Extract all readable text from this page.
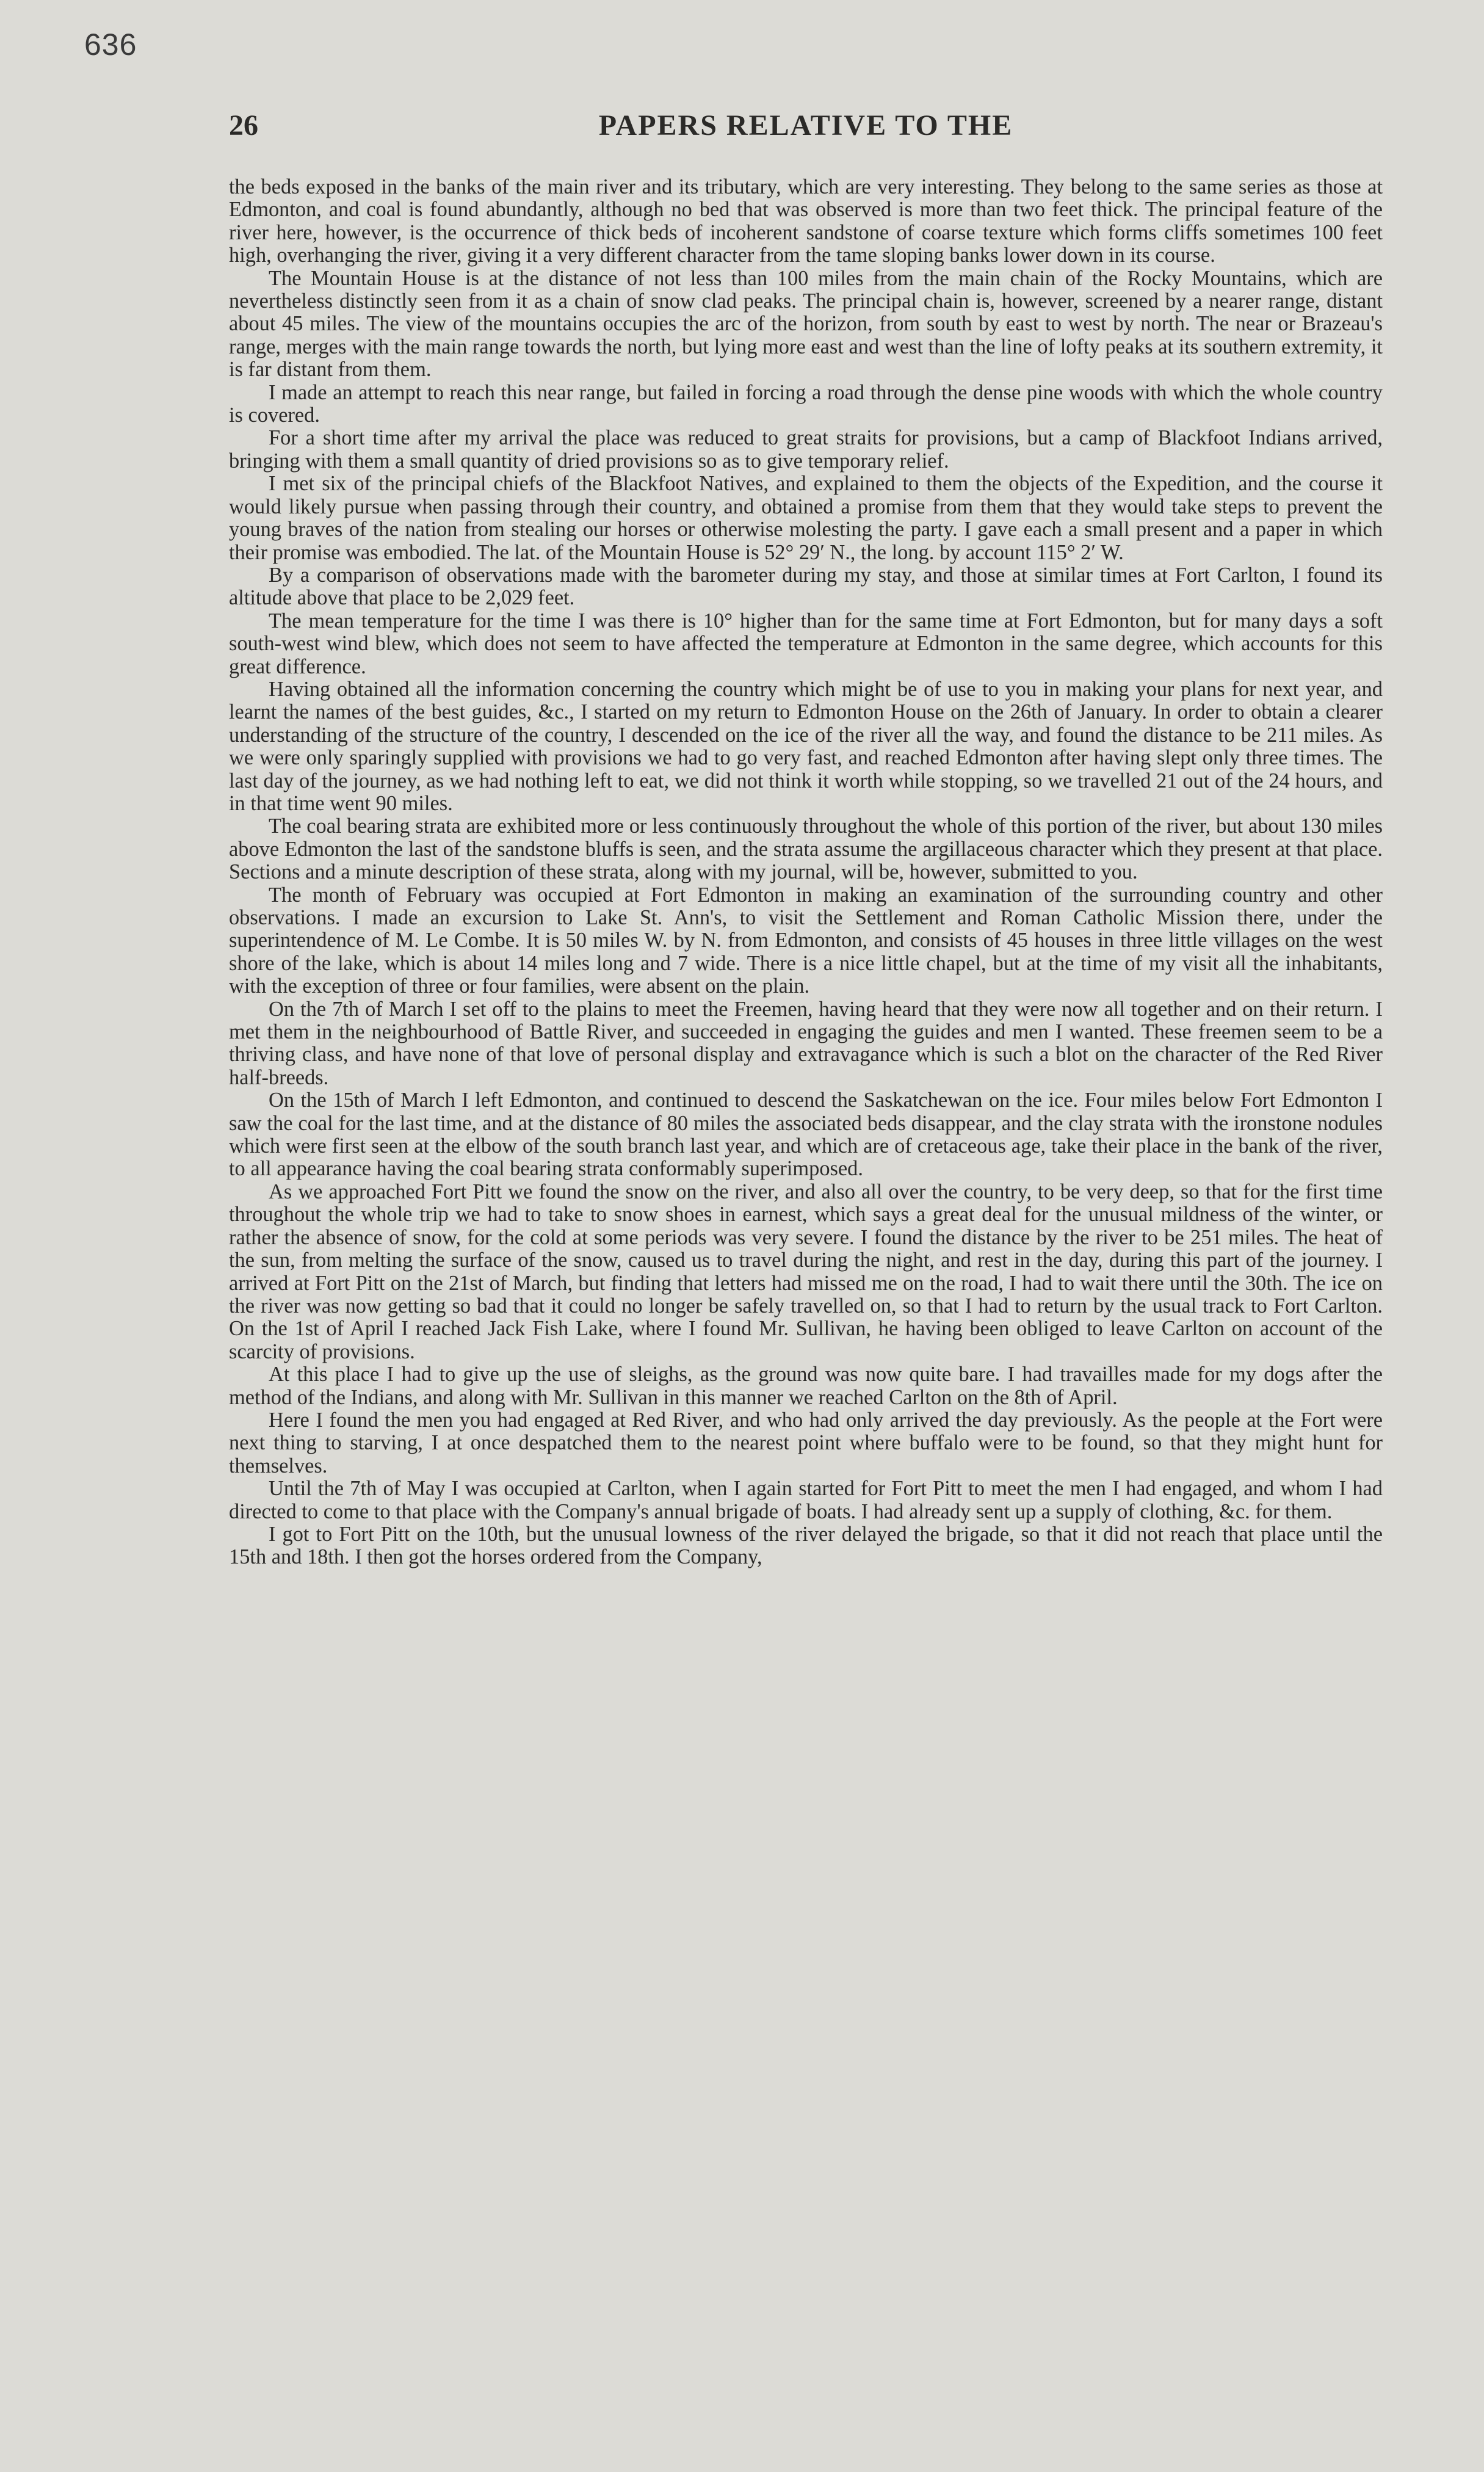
636
26	PAPERS RELATIVE TO THE

the beds exposed in the banks of the main river and its tributary, which are very interesting. They belong to the same series as those at Edmonton, and coal is found abundantly, although no bed that was observed is more than two feet thick. The principal feature of the river here, however, is the occurrence of thick beds of incoherent sandstone of coarse texture which forms cliffs sometimes 100 feet high, overhanging the river, giving it a very different character from the tame sloping banks lower down in its course.

The Mountain House is at the distance of not less than 100 miles from the main chain of the Rocky Mountains, which are nevertheless distinctly seen from it as a chain of snow clad peaks. The principal chain is, however, screened by a nearer range, distant about 45 miles. The view of the mountains occupies the arc of the horizon, from south by east to west by north. The near or Brazeau's range, merges with the main range towards the north, but lying more east and west than the line of lofty peaks at its southern extremity, it is far distant from them.

I made an attempt to reach this near range, but failed in forcing a road through the dense pine woods with which the whole country is covered.

For a short time after my arrival the place was reduced to great straits for provisions, but a camp of Blackfoot Indians arrived, bringing with them a small quantity of dried provisions so as to give temporary relief.

I met six of the principal chiefs of the Blackfoot Natives, and explained to them the objects of the Expedition, and the course it would likely pursue when passing through their country, and obtained a promise from them that they would take steps to prevent the young braves of the nation from stealing our horses or otherwise molesting the party. I gave each a small present and a paper in which their promise was embodied. The lat. of the Mountain House is 52° 29′ N., the long. by account 115° 2′ W.

By a comparison of observations made with the barometer during my stay, and those at similar times at Fort Carlton, I found its altitude above that place to be 2,029 feet.

The mean temperature for the time I was there is 10° higher than for the same time at Fort Edmonton, but for many days a soft south-west wind blew, which does not seem to have affected the temperature at Edmonton in the same degree, which accounts for this great difference.

Having obtained all the information concerning the country which might be of use to you in making your plans for next year, and learnt the names of the best guides, &c., I started on my return to Edmonton House on the 26th of January. In order to obtain a clearer understanding of the structure of the country, I descended on the ice of the river all the way, and found the distance to be 211 miles. As we were only sparingly supplied with provisions we had to go very fast, and reached Edmonton after having slept only three times. The last day of the journey, as we had nothing left to eat, we did not think it worth while stopping, so we travelled 21 out of the 24 hours, and in that time went 90 miles.

The coal bearing strata are exhibited more or less continuously throughout the whole of this portion of the river, but about 130 miles above Edmonton the last of the sandstone bluffs is seen, and the strata assume the argillaceous character which they present at that place. Sections and a minute description of these strata, along with my journal, will be, however, submitted to you.

The month of February was occupied at Fort Edmonton in making an examination of the surrounding country and other observations. I made an excursion to Lake St. Ann's, to visit the Settlement and Roman Catholic Mission there, under the superintendence of M. Le Combe. It is 50 miles W. by N. from Edmonton, and consists of 45 houses in three little villages on the west shore of the lake, which is about 14 miles long and 7 wide. There is a nice little chapel, but at the time of my visit all the inhabitants, with the exception of three or four families, were absent on the plain.

On the 7th of March I set off to the plains to meet the Freemen, having heard that they were now all together and on their return. I met them in the neighbourhood of Battle River, and succeeded in engaging the guides and men I wanted. These freemen seem to be a thriving class, and have none of that love of personal display and extravagance which is such a blot on the character of the Red River half-breeds.

On the 15th of March I left Edmonton, and continued to descend the Saskatchewan on the ice. Four miles below Fort Edmonton I saw the coal for the last time, and at the distance of 80 miles the associated beds disappear, and the clay strata with the ironstone nodules which were first seen at the elbow of the south branch last year, and which are of cretaceous age, take their place in the bank of the river, to all appearance having the coal bearing strata conformably superimposed.

As we approached Fort Pitt we found the snow on the river, and also all over the country, to be very deep, so that for the first time throughout the whole trip we had to take to snow shoes in earnest, which says a great deal for the unusual mildness of the winter, or rather the absence of snow, for the cold at some periods was very severe. I found the distance by the river to be 251 miles. The heat of the sun, from melting the surface of the snow, caused us to travel during the night, and rest in the day, during this part of the journey. I arrived at Fort Pitt on the 21st of March, but finding that letters had missed me on the road, I had to wait there until the 30th. The ice on the river was now getting so bad that it could no longer be safely travelled on, so that I had to return by the usual track to Fort Carlton. On the 1st of April I reached Jack Fish Lake, where I found Mr. Sullivan, he having been obliged to leave Carlton on account of the scarcity of provisions.

At this place I had to give up the use of sleighs, as the ground was now quite bare. I had travailles made for my dogs after the method of the Indians, and along with Mr. Sullivan in this manner we reached Carlton on the 8th of April.

Here I found the men you had engaged at Red River, and who had only arrived the day previously. As the people at the Fort were next thing to starving, I at once despatched them to the nearest point where buffalo were to be found, so that they might hunt for themselves.

Until the 7th of May I was occupied at Carlton, when I again started for Fort Pitt to meet the men I had engaged, and whom I had directed to come to that place with the Company's annual brigade of boats. I had already sent up a supply of clothing, &c. for them.

I got to Fort Pitt on the 10th, but the unusual lowness of the river delayed the brigade, so that it did not reach that place until the 15th and 18th. I then got the horses ordered from the Company,
